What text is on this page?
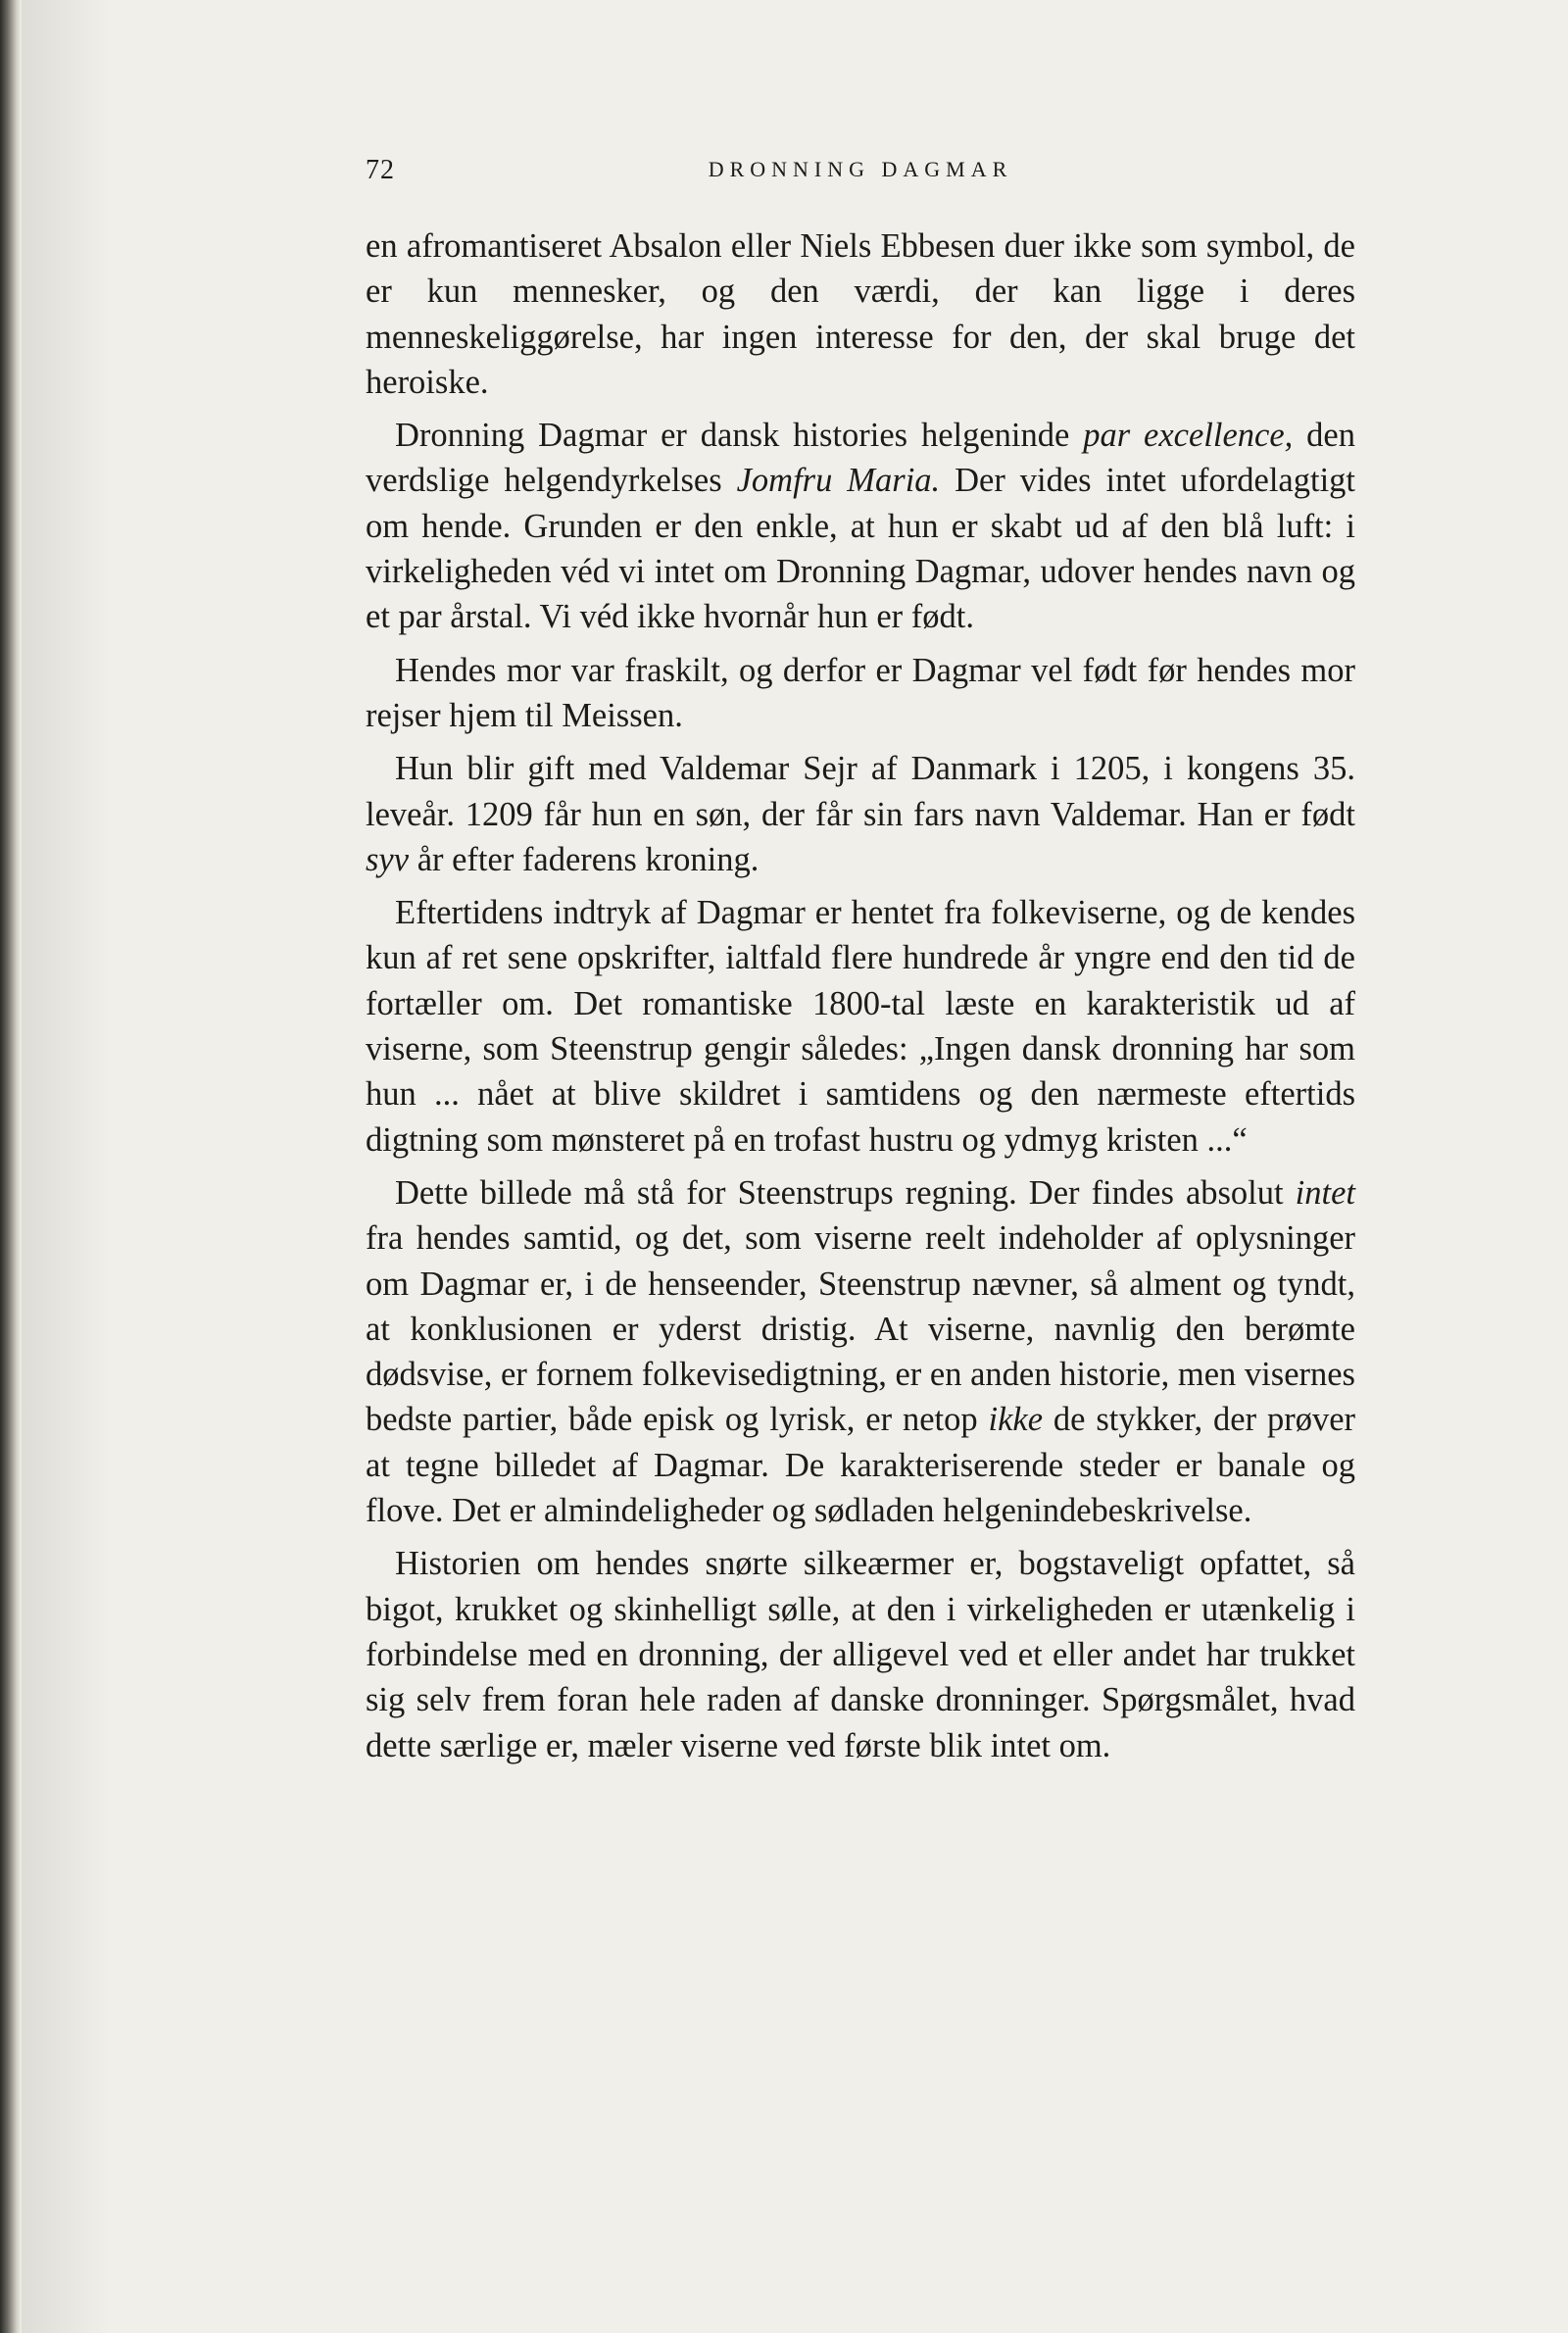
72	DRONNING DAGMAR

en afromantiseret Absalon eller Niels Ebbesen duer ikke som symbol, de er kun mennesker, og den værdi, der kan ligge i deres menneskeliggørelse, har ingen interesse for den, der skal bruge det heroiske.

Dronning Dagmar er dansk histories helgeninde par excellence, den verdslige helgendyrkelses Jomfru Maria. Der vides intet ufordelagtigt om hende. Grunden er den enkle, at hun er skabt ud af den blå luft: i virkeligheden véd vi intet om Dronning Dagmar, udover hendes navn og et par årstal. Vi véd ikke hvornår hun er født.

Hendes mor var fraskilt, og derfor er Dagmar vel født før hendes mor rejser hjem til Meissen.

Hun blir gift med Valdemar Sejr af Danmark i 1205, i kongens 35. leveår. 1209 får hun en søn, der får sin fars navn Valdemar. Han er født syv år efter faderens kroning.

Eftertidens indtryk af Dagmar er hentet fra folkeviserne, og de kendes kun af ret sene opskrifter, ialtfald flere hundrede år yngre end den tid de fortæller om. Det romantiske 1800-tal læste en karakteristik ud af viserne, som Steenstrup gengir således: „Ingen dansk dronning har som hun ... nået at blive skildret i samtidens og den nærmeste eftertids digtning som mønsteret på en trofast hustru og ydmyg kristen ...“

Dette billede må stå for Steenstrups regning. Der findes absolut intet fra hendes samtid, og det, som viserne reelt indeholder af oplysninger om Dagmar er, i de henseender, Steenstrup nævner, så alment og tyndt, at konklusionen er yderst dristig. At viserne, navnlig den berømte dødsvise, er fornem folkevisedigtning, er en anden historie, men visernes bedste partier, både episk og lyrisk, er netop ikke de stykker, der prøver at tegne billedet af Dagmar. De karakteriserende steder er banale og flove. Det er almindeligheder og sødladen helgenindebeskrivelse.

Historien om hendes snørte silkeærmer er, bogstaveligt opfattet, så bigot, krukket og skinhelligt sølle, at den i virkeligheden er utænkelig i forbindelse med en dronning, der alligevel ved et eller andet har trukket sig selv frem foran hele raden af danske dronninger. Spørgsmålet, hvad dette særlige er, mæler viserne ved første blik intet om.
